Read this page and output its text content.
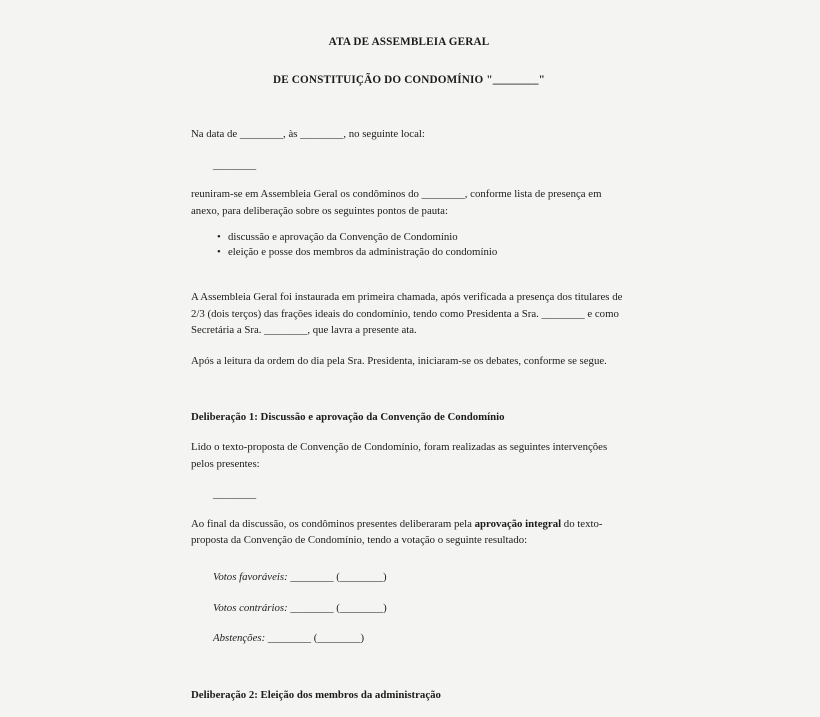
ATA DE ASSEMBLEIA GERAL
DE CONSTITUIÇÃO DO CONDOMÍNIO "________"

Na data de ________, às ________, no seguinte local:

________

reuniram-se em Assembleia Geral os condôminos do ________, conforme lista de presença em anexo, para deliberação sobre os seguintes pontos de pauta:

• discussão e aprovação da Convenção de Condomínio
• eleição e posse dos membros da administração do condomínio

A Assembleia Geral foi instaurada em primeira chamada, após verificada a presença dos titulares de 2/3 (dois terços) das frações ideais do condomínio, tendo como Presidenta a Sra. ________ e como Secretária a Sra. ________, que lavra a presente ata.

Após a leitura da ordem do dia pela Sra. Presidenta, iniciaram-se os debates, conforme se segue.

Deliberação 1: Discussão e aprovação da Convenção de Condomínio

Lido o texto-proposta de Convenção de Condomínio, foram realizadas as seguintes intervenções pelos presentes:

________

Ao final da discussão, os condôminos presentes deliberaram pela aprovação integral do texto-proposta da Convenção de Condomínio, tendo a votação o seguinte resultado:

Votos favoráveis: ________ (________)
Votos contrários: ________ (________)
Abstenções: ________ (________)
Deliberação 2: Eleição dos membros da administração
